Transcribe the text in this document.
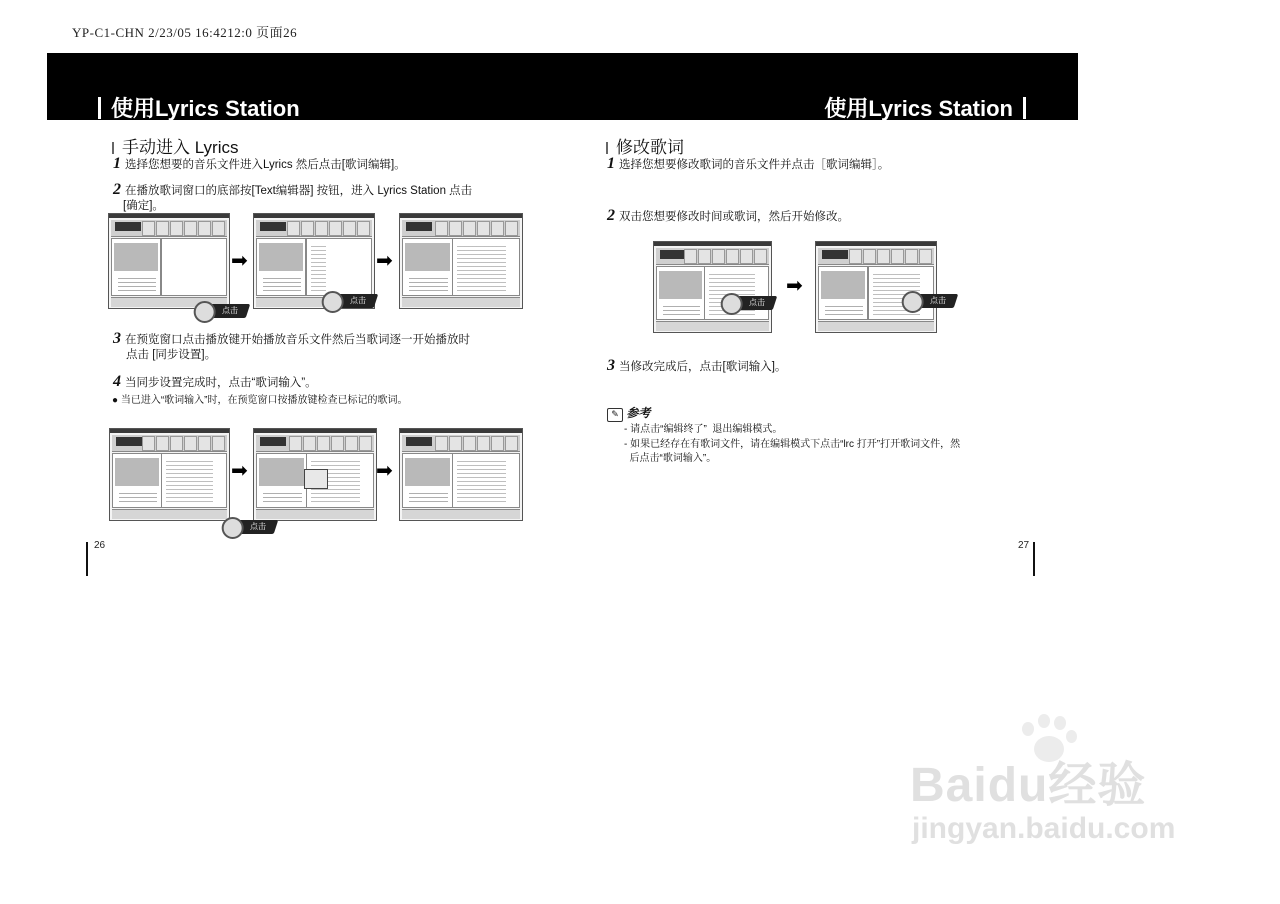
YP-C1-CHN 2/23/05 16:4212:0 页面26
使用Lyrics Station	使用Lyrics Station
手动进入 Lyrics
1 选择您想要的音乐文件进入Lyrics 然后点击[歌词编辑]。
2 在播放歌词窗口的底部按[Text编辑器] 按钮，进入 Lyrics Station 点击
[确定]。
➡	➡
点击
点击
3 在预览窗口点击播放键开始播放音乐文件然后当歌词逐一开始播放时
点击 [同步设置]。
4 当同步设置完成时，点击“歌词输入”。
● 当已进入“歌词输入”时，在预览窗口按播放键检查已标记的歌词。
➡	➡
点击
26
修改歌词
1 选择您想要修改歌词的音乐文件并点击［歌词编辑］。
2 双击您想要修改时间或歌词，然后开始修改。
➡
点击	点击
3 当修改完成后，点击[歌词输入]。
✎ 参考
- 请点击“编辑终了”  退出编辑模式。
- 如果已经存在有歌词文件，请在编辑模式下点击“lrc 打开”打开歌词文件，然
后点击“歌词输入”。
27
Baidu经验
jingyan.baidu.com
